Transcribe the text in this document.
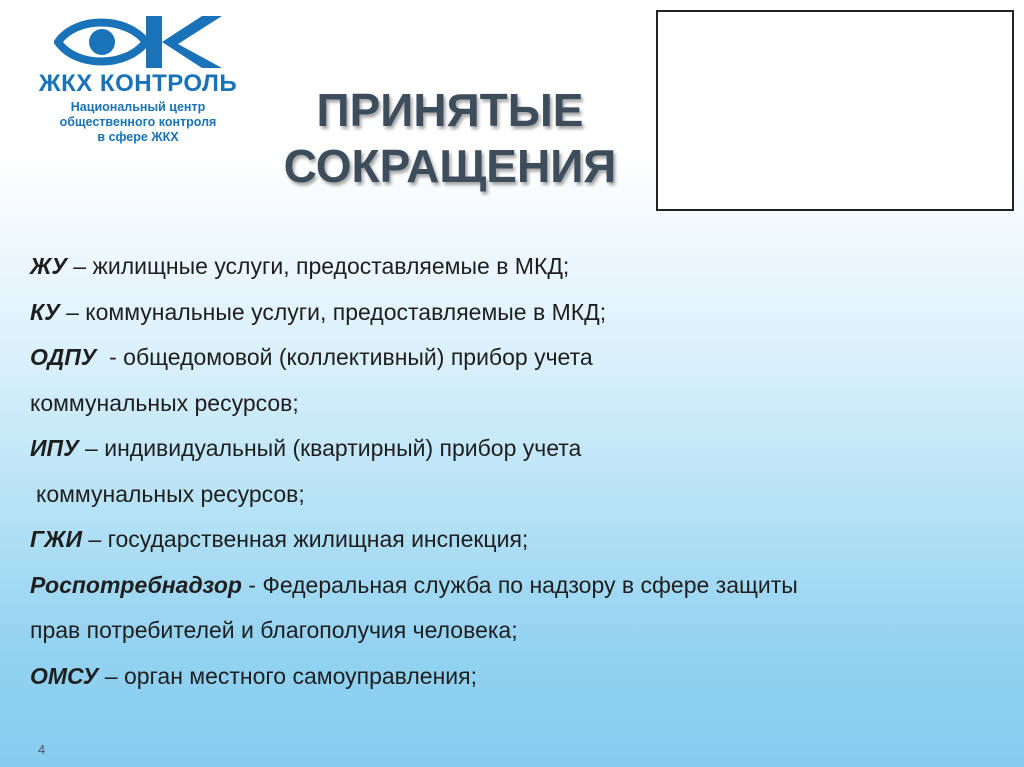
ЖКХ КОНТРОЛЬ
Национальный центр
общественного контроля
в сфере ЖКХ
ПРИНЯТЫЕ
СОКРАЩЕНИЯ
ЖУ – жилищные услуги, предоставляемые в МКД;
КУ – коммунальные услуги, предоставляемые в МКД;
ОДПУ  - общедомовой (коллективный) прибор учета
коммунальных ресурсов;
ИПУ – индивидуальный (квартирный) прибор учета
коммунальных ресурсов;
ГЖИ – государственная жилищная инспекция;
Роспотребнадзор - Федеральная служба по надзору в сфере защиты
прав потребителей и благополучия человека;
ОМСУ – орган местного самоуправления;
4
